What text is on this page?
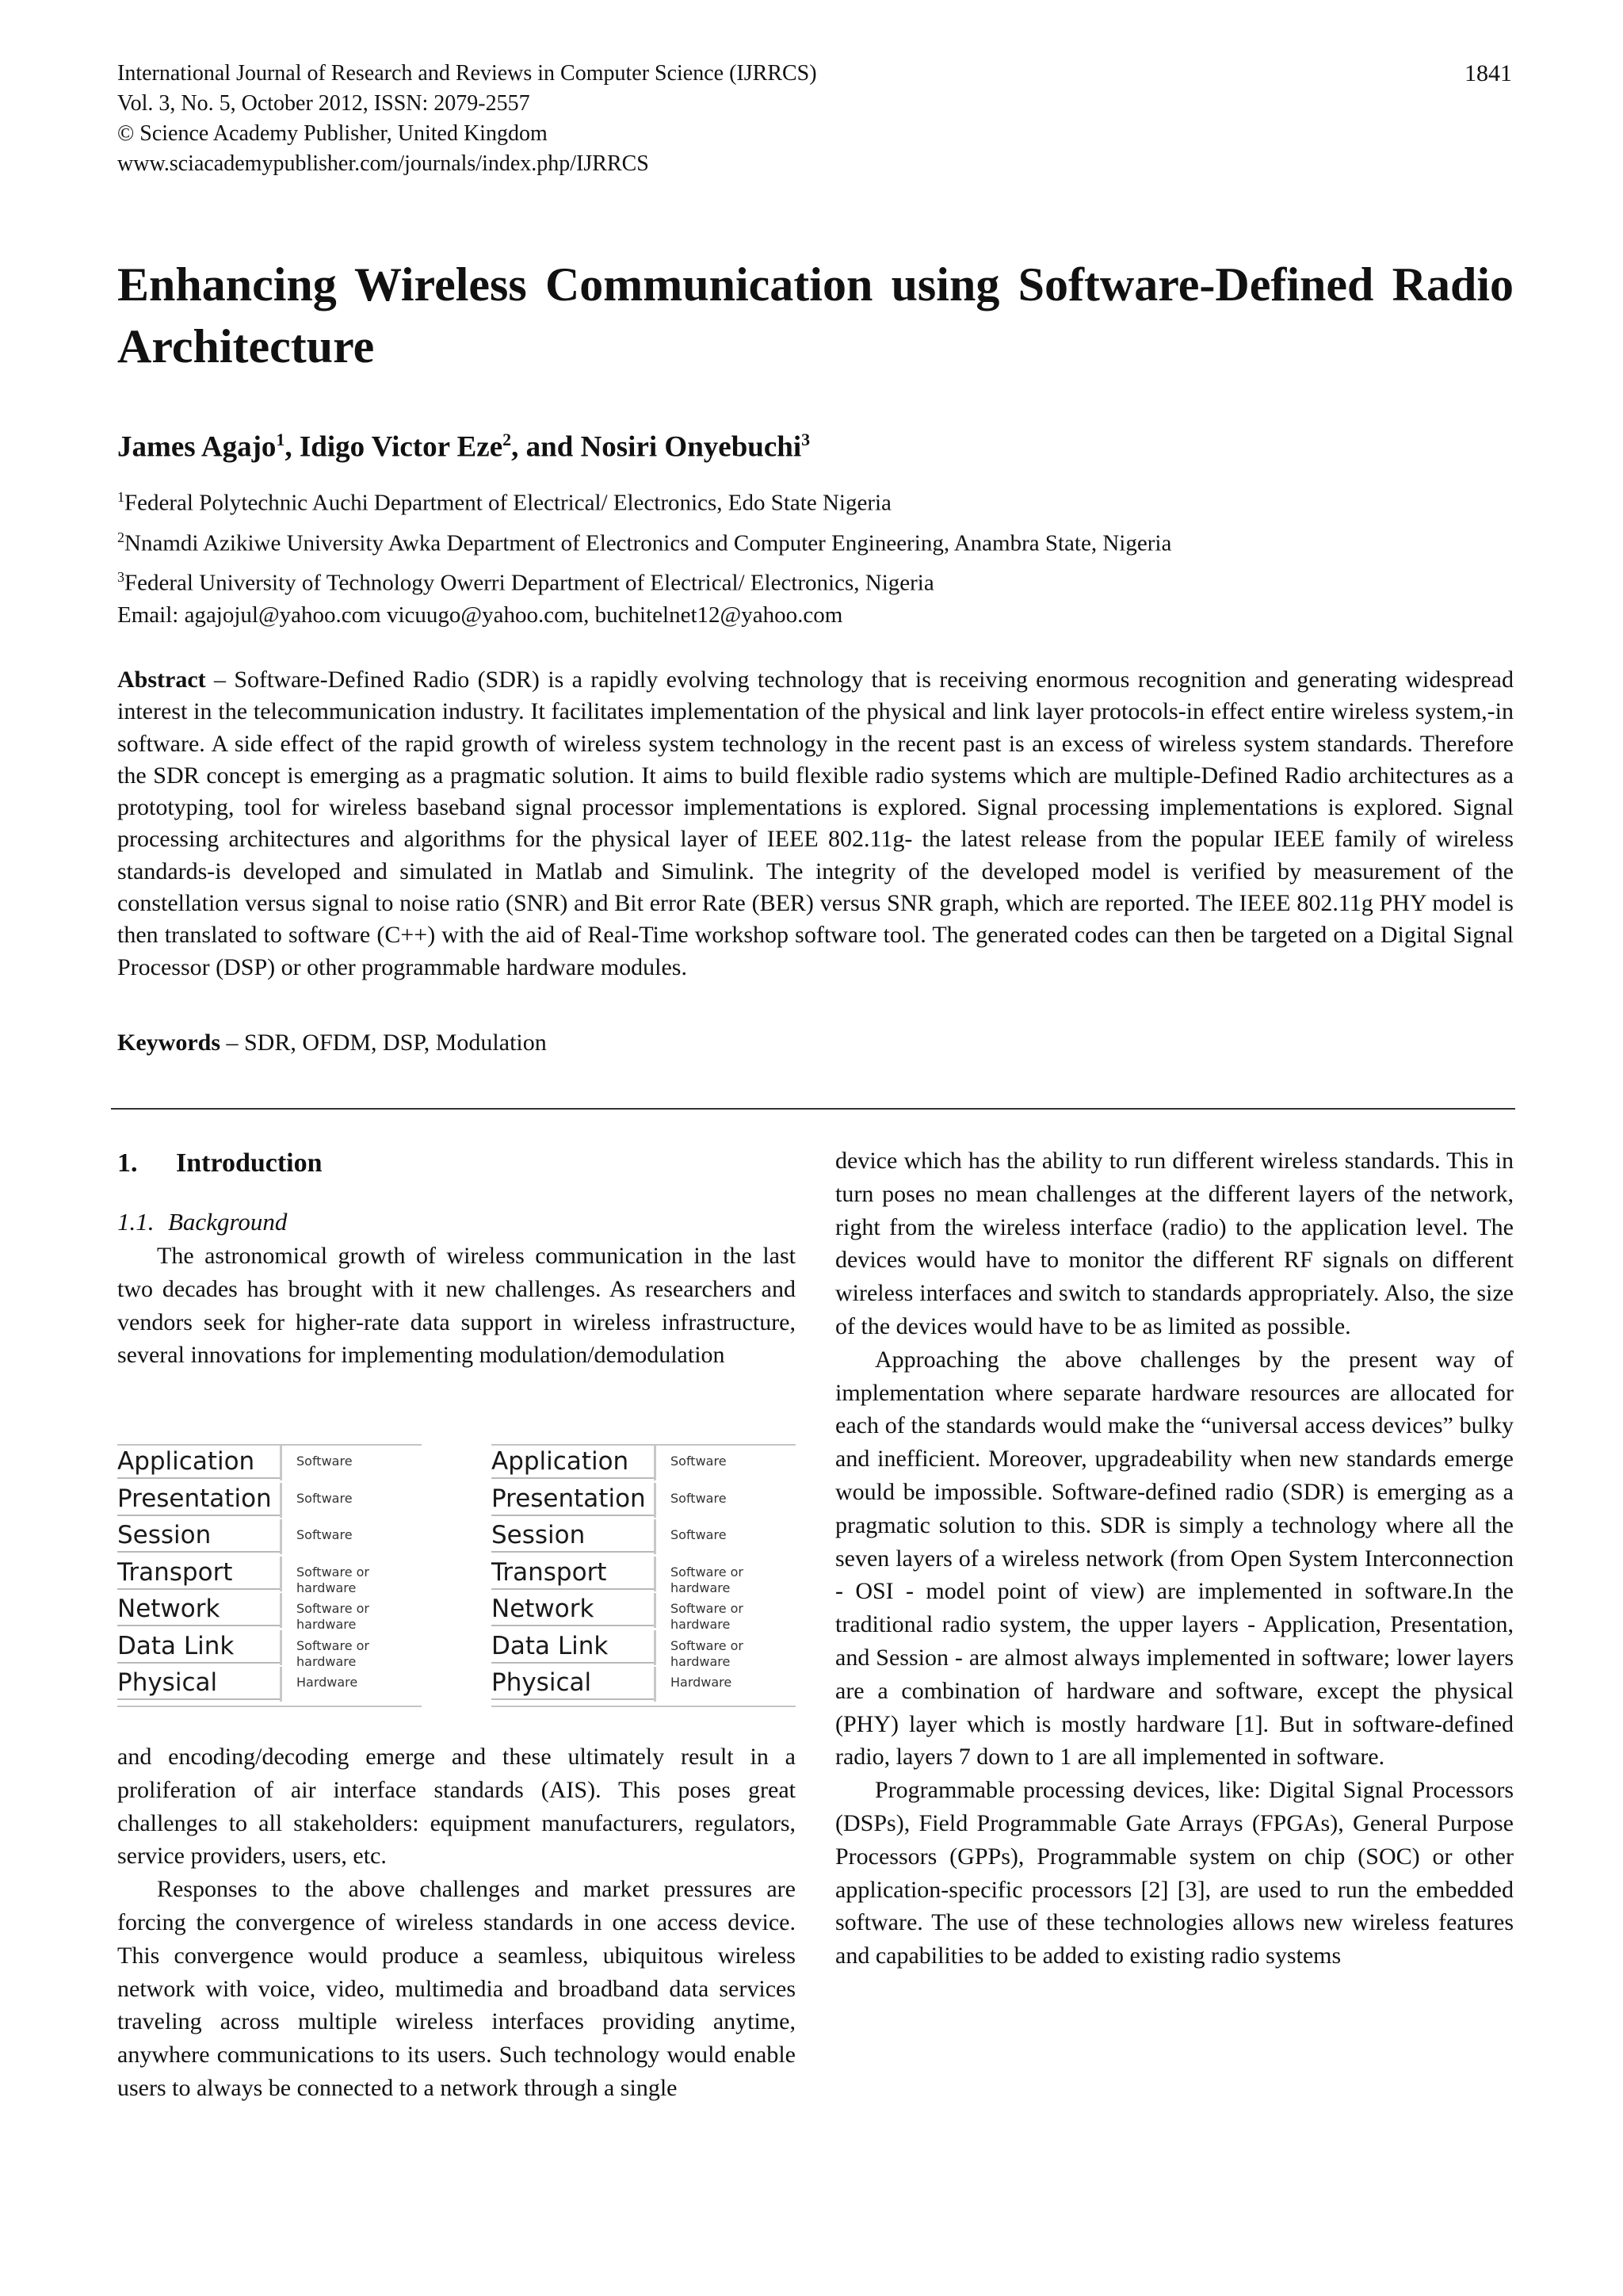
International Journal of Research and Reviews in Computer Science (IJRRCS)
Vol. 3, No. 5, October 2012, ISSN: 2079-2557
© Science Academy Publisher, United Kingdom
www.sciacademypublisher.com/journals/index.php/IJRRCS
1841
Enhancing Wireless Communication using Software-Defined Radio Architecture
James Agajo$^1$, Idigo Victor Eze$^2$, and Nosiri Onyebuchi$^3$
$^1$Federal Polytechnic Auchi Department of Electrical/ Electronics, Edo State Nigeria
$^2$Nnamdi Azikiwe University Awka Department of Electronics and Computer Engineering, Anambra State, Nigeria
$^3$Federal University of Technology Owerri Department of Electrical/ Electronics, Nigeria
Email: agajojul@yahoo.com vicuugo@yahoo.com, buchitelnet12@yahoo.com
Abstract – Software-Defined Radio (SDR) is a rapidly evolving technology that is receiving enormous recognition and generating widespread interest in the telecommunication industry. It facilitates implementation of the physical and link layer protocols-in effect entire wireless system,-in software. A side effect of the rapid growth of wireless system technology in the recent past is an excess of wireless system standards. Therefore the SDR concept is emerging as a pragmatic solution. It aims to build flexible radio systems which are multiple-Defined Radio architectures as a prototyping, tool for wireless baseband signal processor implementations is explored. Signal processing implementations is explored. Signal processing architectures and algorithms for the physical layer of IEEE 802.11g- the latest release from the popular IEEE family of wireless standards-is developed and simulated in Matlab and Simulink. The integrity of the developed model is verified by measurement of the constellation versus signal to noise ratio (SNR) and Bit error Rate (BER) versus SNR graph, which are reported. The IEEE 802.11g PHY model is then translated to software (C++) with the aid of Real-Time workshop software tool. The generated codes can then be targeted on a Digital Signal Processor (DSP) or other programmable hardware modules.
Keywords – SDR, OFDM, DSP, Modulation
1. Introduction
1.1. Background

The astronomical growth of wireless communication in the last two decades has brought with it new challenges. As researchers and vendors seek for higher-rate data support in wireless infrastructure, several innovations for implementing modulation/demodulation

Application	Software
Presentation	Software
Session	Software
Transport	Software or hardware
Network	Software or hardware
Data Link	Software or hardware
Physical	Hardware
Application	Software
Presentation	Software
Session	Software
Transport	Software or hardware
Network	Software or hardware
Data Link	Software or hardware
Physical	Hardware

and encoding/decoding emerge and these ultimately result in a proliferation of air interface standards (AIS). This poses great challenges to all stakeholders: equipment manufacturers, regulators, service providers, users, etc.

Responses to the above challenges and market pressures are forcing the convergence of wireless standards in one access device. This convergence would produce a seamless, ubiquitous wireless network with voice, video, multimedia and broadband data services traveling across multiple wireless interfaces providing anytime, anywhere communications to its users. Such technology would enable users to always be connected to a network through a single

device which has the ability to run different wireless standards. This in turn poses no mean challenges at the different layers of the network, right from the wireless interface (radio) to the application level. The devices would have to monitor the different RF signals on different wireless interfaces and switch to standards appropriately. Also, the size of the devices would have to be as limited as possible.

Approaching the above challenges by the present way of implementation where separate hardware resources are allocated for each of the standards would make the “universal access devices” bulky and inefficient. Moreover, upgradeability when new standards emerge would be impossible. Software-defined radio (SDR) is emerging as a pragmatic solution to this. SDR is simply a technology where all the seven layers of a wireless network (from Open System Interconnection - OSI - model point of view) are implemented in software.In the traditional radio system, the upper layers - Application, Presentation, and Session - are almost always implemented in software; lower layers are a combination of hardware and software, except the physical (PHY) layer which is mostly hardware [1]. But in software-defined radio, layers 7 down to 1 are all implemented in software.

Programmable processing devices, like: Digital Signal Processors (DSPs), Field Programmable Gate Arrays (FPGAs), General Purpose Processors (GPPs), Programmable system on chip (SOC) or other application-specific processors [2] [3], are used to run the embedded software. The use of these technologies allows new wireless features and capabilities to be added to existing radio systems
